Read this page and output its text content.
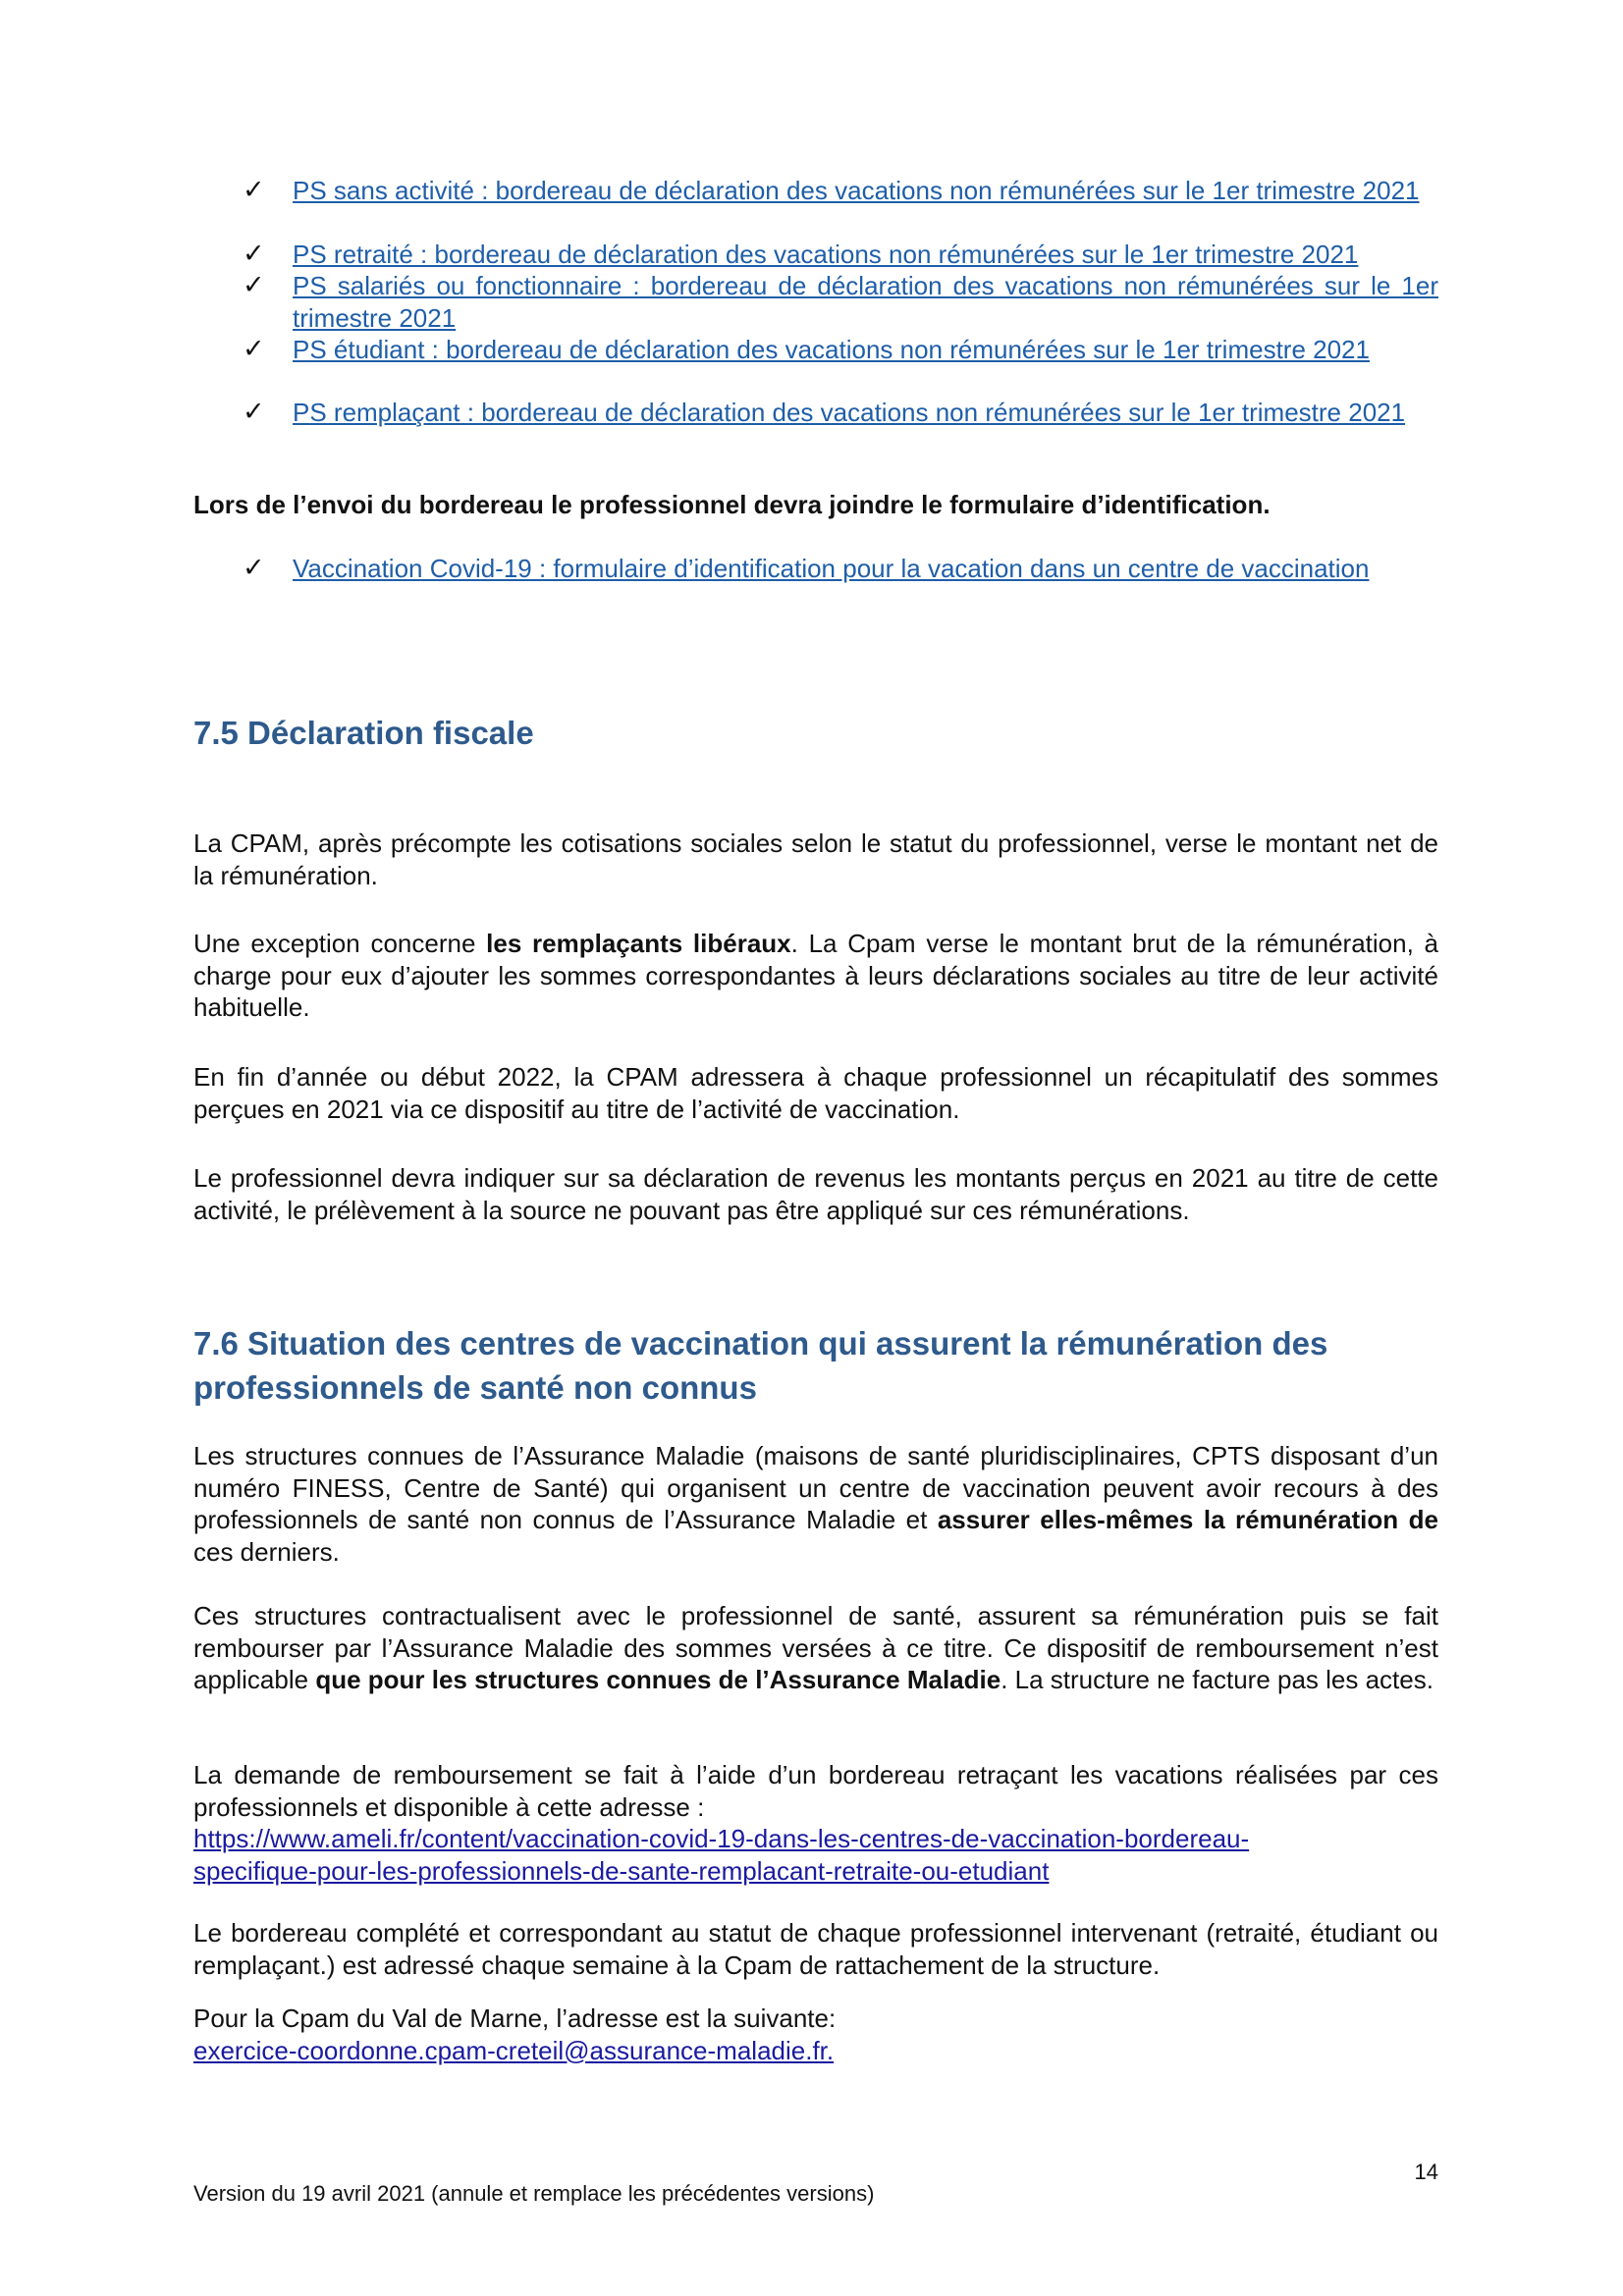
✓ PS sans activité : bordereau de déclaration des vacations non rémunérées sur le 1er trimestre 2021
✓ PS retraité : bordereau de déclaration des vacations non rémunérées sur le 1er trimestre 2021
✓ PS salariés ou fonctionnaire : bordereau de déclaration des vacations non rémunérées sur le 1er trimestre 2021
✓ PS étudiant : bordereau de déclaration des vacations non rémunérées sur le 1er trimestre 2021
✓ PS remplaçant : bordereau de déclaration des vacations non rémunérées sur le 1er trimestre 2021

Lors de l’envoi du bordereau le professionnel devra joindre le formulaire d’identification.

✓ Vaccination Covid-19 : formulaire d’identification pour la vacation dans un centre de vaccination
7.5 Déclaration fiscale

La CPAM, après précompte les cotisations sociales selon le statut du professionnel, verse le montant net de la rémunération.

Une exception concerne les remplaçants libéraux. La Cpam verse le montant brut de la rémunération, à charge pour eux d’ajouter les sommes correspondantes à leurs déclarations sociales au titre de leur activité habituelle.

En fin d’année ou début 2022, la CPAM adressera à chaque professionnel un récapitulatif des sommes perçues en 2021 via ce dispositif au titre de l’activité de vaccination.

Le professionnel devra indiquer sur sa déclaration de revenus les montants perçus en 2021 au titre de cette activité, le prélèvement à la source ne pouvant pas être appliqué sur ces rémunérations.

7.6 Situation des centres de vaccination qui assurent la rémunération des professionnels de santé non connus

Les structures connues de l’Assurance Maladie (maisons de santé pluridisciplinaires, CPTS disposant d’un numéro FINESS, Centre de Santé) qui organisent un centre de vaccination peuvent avoir recours à des professionnels de santé non connus de l’Assurance Maladie et assurer elles-mêmes la rémunération de ces derniers.

Ces structures contractualisent avec le professionnel de santé, assurent sa rémunération puis se fait rembourser par l’Assurance Maladie des sommes versées à ce titre. Ce dispositif de remboursement n’est applicable que pour les structures connues de l’Assurance Maladie. La structure ne facture pas les actes.

La demande de remboursement se fait à l’aide d’un bordereau retraçant les vacations réalisées par ces professionnels et disponible à cette adresse :
https://www.ameli.fr/content/vaccination-covid-19-dans-les-centres-de-vaccination-bordereau-
specifique-pour-les-professionnels-de-sante-remplacant-retraite-ou-etudiant

Le bordereau complété et correspondant au statut de chaque professionnel intervenant (retraité, étudiant ou remplaçant.) est adressé chaque semaine à la Cpam de rattachement de la structure.

Pour la Cpam du Val de Marne, l’adresse est la suivante:
exercice-coordonne.cpam-creteil@assurance-maladie.fr.

14
Version du 19 avril 2021 (annule et remplace les précédentes versions)
